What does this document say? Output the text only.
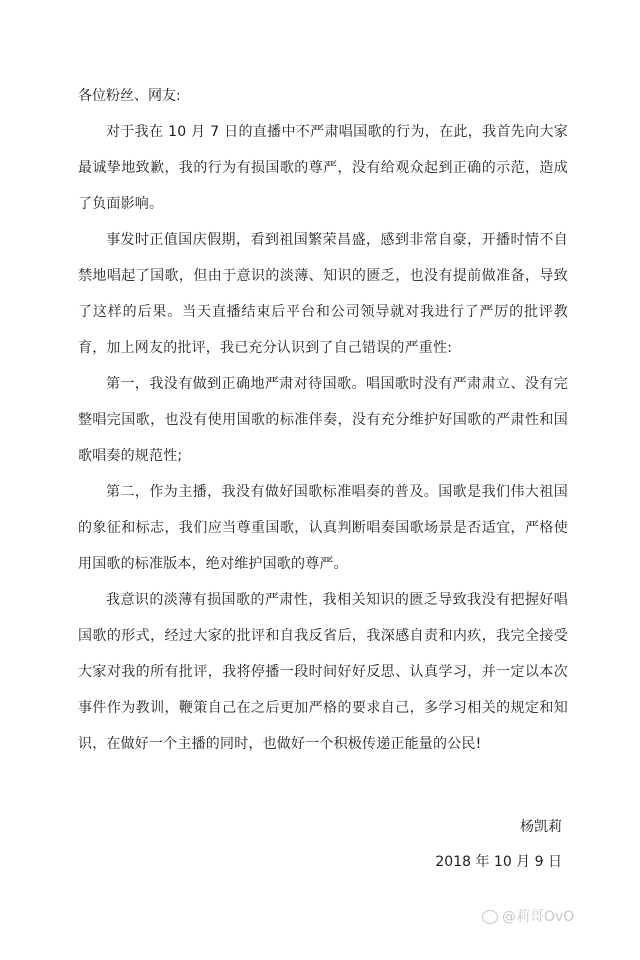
各位粉丝、网友:

对于我在 10 月 7 日的直播中不严肃唱国歌的行为，在此，我首先向大家最诚挚地致歉，我的行为有损国歌的尊严，没有给观众起到正确的示范，造成了负面影响。

事发时正值国庆假期，看到祖国繁荣昌盛，感到非常自豪，开播时情不自禁地唱起了国歌，但由于意识的淡薄、知识的匮乏，也没有提前做准备，导致了这样的后果。当天直播结束后平台和公司领导就对我进行了严厉的批评教育，加上网友的批评，我已充分认识到了自己错误的严重性:

第一，我没有做到正确地严肃对待国歌。唱国歌时没有严肃肃立、没有完整唱完国歌，也没有使用国歌的标准伴奏，没有充分维护好国歌的严肃性和国歌唱奏的规范性;

第二，作为主播，我没有做好国歌标准唱奏的普及。国歌是我们伟大祖国的象征和标志，我们应当尊重国歌，认真判断唱奏国歌场景是否适宜，严格使用国歌的标准版本，绝对维护国歌的尊严。

我意识的淡薄有损国歌的严肃性，我相关知识的匮乏导致我没有把握好唱国歌的形式，经过大家的批评和自我反省后，我深感自责和内疚，我完全接受大家对我的所有批评，我将停播一段时间好好反思、认真学习，并一定以本次事件作为教训，鞭策自己在之后更加严格的要求自己，多学习相关的规定和知识，在做好一个主播的同时，也做好一个积极传递正能量的公民!

杨凯莉
2018 年 10 月 9 日
@莉哥OvO
